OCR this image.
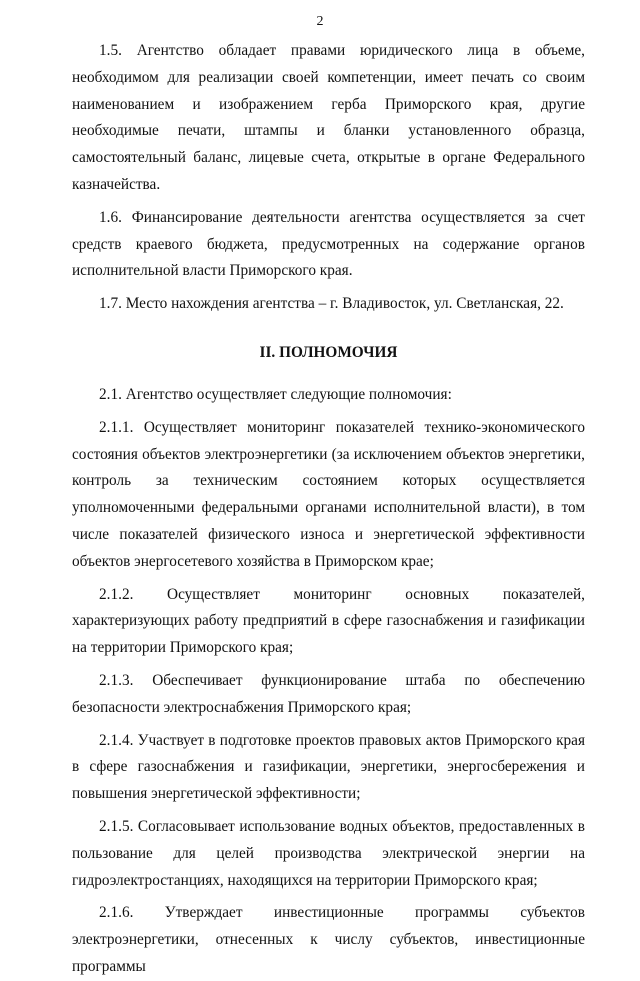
2

1.5. Агентство обладает правами юридического лица в объеме, необходимом для реализации своей компетенции, имеет печать со своим наименованием и изображением герба Приморского края, другие необходимые печати, штампы и бланки установленного образца, самостоятельный баланс, лицевые счета, открытые в органе Федерального казначейства.

1.6. Финансирование деятельности агентства осуществляется за счет средств краевого бюджета, предусмотренных на содержание органов исполнительной власти Приморского края.

1.7. Место нахождения агентства – г. Владивосток, ул. Светланская, 22.

II. ПОЛНОМОЧИЯ

2.1. Агентство осуществляет следующие полномочия:

2.1.1. Осуществляет мониторинг показателей технико-экономического состояния объектов электроэнергетики (за исключением объектов энергетики, контроль за техническим состоянием которых осуществляется уполномоченными федеральными органами исполнительной власти), в том числе показателей физического износа и энергетической эффективности объектов энергосетевого хозяйства в Приморском крае;

2.1.2. Осуществляет мониторинг основных показателей, характеризующих работу предприятий в сфере газоснабжения и газификации на территории Приморского края;

2.1.3. Обеспечивает функционирование штаба по обеспечению безопасности электроснабжения Приморского края;

2.1.4. Участвует в подготовке проектов правовых актов Приморского края в сфере газоснабжения и газификации, энергетики, энергосбережения и повышения энергетической эффективности;

2.1.5. Согласовывает использование водных объектов, предоставленных в пользование для целей производства электрической энергии на гидроэлектростанциях, находящихся на территории Приморского края;

2.1.6. Утверждает инвестиционные программы субъектов электроэнергетики, отнесенных к числу субъектов, инвестиционные программы
